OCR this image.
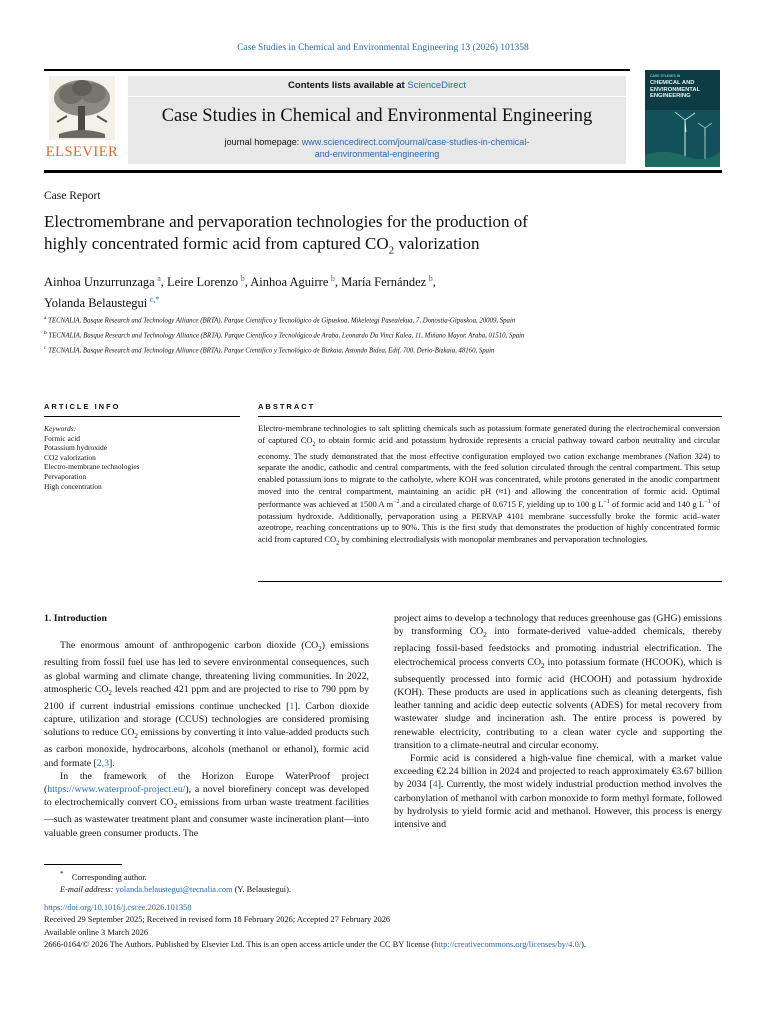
Case Studies in Chemical and Environmental Engineering 13 (2026) 101358
ELSEVIER
Contents lists available at ScienceDirect
Case Studies in Chemical and Environmental Engineering
journal homepage: www.sciencedirect.com/journal/case-studies-in-chemical-
and-environmental-engineering
CASE STUDIES IN
CHEMICAL AND ENVIRONMENTAL ENGINEERING
Case Report
Electromembrane and pervaporation technologies for the production of
highly concentrated formic acid from captured $CO_2$ valorization
Ainhoa Unzurrunzaga  $^a$, Leire Lorenzo  $^b$, Ainhoa Aguirre  $^b$, María Fernández  $^b$,
Yolanda Belaustegui  $^{c,*}$

$^a$ TECNALIA, Basque Research and Technology Alliance (BRTA), Parque Científico y Tecnológico de Gipuskoa, Mikeletegi Pasealekua, 7, Donostia-Gipuskoa, 20009, Spain

$^b$ TECNALIA, Basque Research and Technology Alliance (BRTA), Parque Científico y Tecnológico de Araba, Leonardo Da Vinci Kalea, 11, Miñano Mayor, Araba, 01510, Spain

$^c$ TECNALIA, Basque Research and Technology Alliance (BRTA), Parque Científico y Tecnológico de Bizkaia, Astondo Bidea, Edif. 700, Derio-Bizkaia, 48160, Spain

ARTICLE INFO	ABSTRACT
Keywords:
Formic acid
Potassium hydroxide
CO2 valorization
Electro-membrane technologies
Pervaporation
High concentration
Electro-membrane technologies to salt splitting chemicals such as potassium formate generated during the electrochemical conversion of captured $CO_2$ to obtain formic acid and potassium hydroxide represents a crucial pathway toward carbon neutrality and circular economy. The study demonstrated that the most effective configuration employed two cation exchange membranes (Nafion 324) to separate the anodic, cathodic and central compartments, with the feed solution circulated through the central compartment. This setup enabled potassium ions to migrate to the catholyte, where KOH was concentrated, while protons generated in the anodic compartment moved into the central compartment, maintaining an acidic pH (≈1) and allowing the concentration of formic acid. Optimal performance was achieved at 1500 A $m^{-2}$ and a circulated charge of 0.6715 F, yielding up to 100 g $L^{-1}$ of formic acid and 140 g $L^{-1}$ of potassium hydroxide. Additionally, pervaporation using a PERVAP 4101 membrane successfully broke the formic acid–water azeotrope, reaching concentrations up to 90%. This is the first study that demonstrates the production of highly concentrated formic acid from captured $CO_2$ by combining electrodialysis with monopolar membranes and pervaporation technologies.
1. Introduction

The enormous amount of anthropogenic carbon dioxide $(CO_2)$ emissions resulting from fossil fuel use has led to severe environmental consequences, such as global warming and climate change, threatening living communities. In 2022, atmospheric $CO_2$ levels reached 421 ppm and are projected to rise to 790 ppm by 2100 if current industrial emissions continue unchecked [1]. Carbon dioxide capture, utilization and storage (CCUS) technologies are considered promising solutions to reduce $CO_2$ emissions by converting it into value-added products such as carbon monoxide, hydrocarbons, alcohols (methanol or ethanol), formic acid and formate [2,3].

In the framework of the Horizon Europe WaterProof project (https://www.waterproof-project.eu/), a novel biorefinery concept was developed to electrochemically convert $CO_2$ emissions from urban waste treatment facilities—such as wastewater treatment plant and consumer waste incineration plant—into valuable green consumer products. The

project aims to develop a technology that reduces greenhouse gas (GHG) emissions by transforming $CO_2$ into formate-derived value-added chemicals, thereby replacing fossil-based feedstocks and promoting industrial electrification. The electrochemical process converts $CO_2$ into potassium formate (HCOOK), which is subsequently processed into formic acid (HCOOH) and potassium hydroxide (KOH). These products are used in applications such as cleaning detergents, fish leather tanning and acidic deep eutectic solvents (ADES) for metal recovery from wastewater sludge and incineration ash. The entire process is powered by renewable electricity, contributing to a clean water cycle and supporting the transition to a climate-neutral and circular economy.

Formic acid is considered a high-value fine chemical, with a market value exceeding €2.24 billion in 2024 and projected to reach approximately €3.67 billion by 2034 [4]. Currently, the most widely industrial production method involves the carbonylation of methanol with carbon monoxide to form methyl formate, followed by hydrolysis to yield formic acid and methanol. However, this process is energy intensive and

*  Corresponding author.
E-mail address: yolanda.belaustegui@tecnalia.com (Y. Belaustegui).
https://doi.org/10.1016/j.cscee.2026.101358
Received 29 September 2025; Received in revised form 18 February 2026; Accepted 27 February 2026
Available online 3 March 2026
2666-0164/© 2026 The Authors. Published by Elsevier Ltd. This is an open access article under the CC BY license (http://creativecommons.org/licenses/by/4.0/).
